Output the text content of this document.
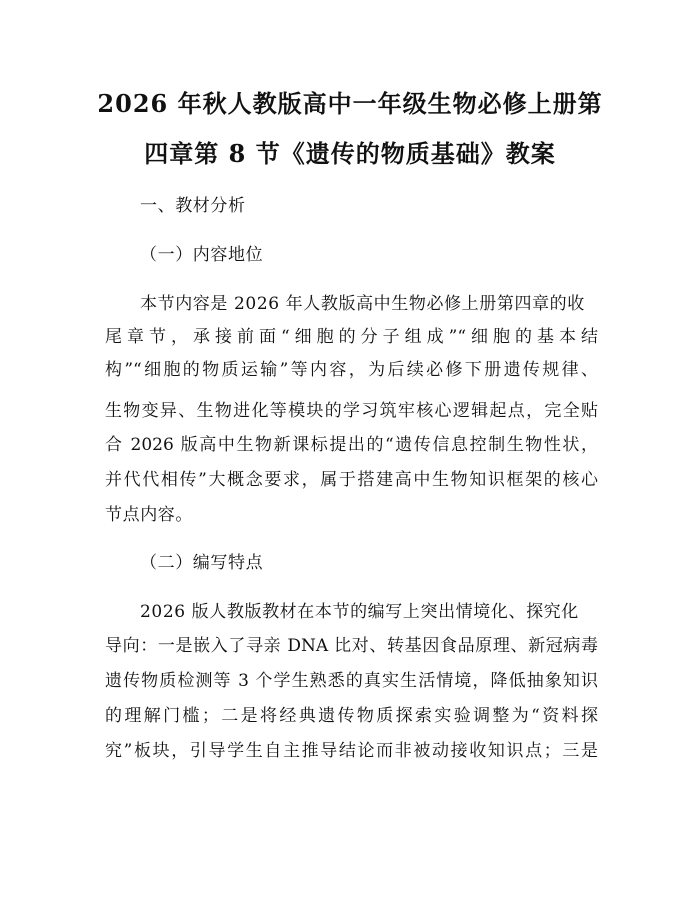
2026 年秋人教版高中一年级生物必修上册第
四章第 8 节《遗传的物质基础》教案
一、教材分析
（一）内容地位
本节内容是 2026 年人教版高中生物必修上册第四章的收
尾章节，承接前面“细胞的分子组成”“细胞的基本结
构”“细胞的物质运输”等内容，为后续必修下册遗传规律、
生物变异、生物进化等模块的学习筑牢核心逻辑起点，完全贴
合 2026 版高中生物新课标提出的“遗传信息控制生物性状，
并代代相传”大概念要求，属于搭建高中生物知识框架的核心
节点内容。
（二）编写特点
2026 版人教版教材在本节的编写上突出情境化、探究化
导向：一是嵌入了寻亲 DNA 比对、转基因食品原理、新冠病毒
遗传物质检测等 3 个学生熟悉的真实生活情境，降低抽象知识
的理解门槛；二是将经典遗传物质探索实验调整为“资料探
究”板块，引导学生自主推导结论而非被动接收知识点；三是
